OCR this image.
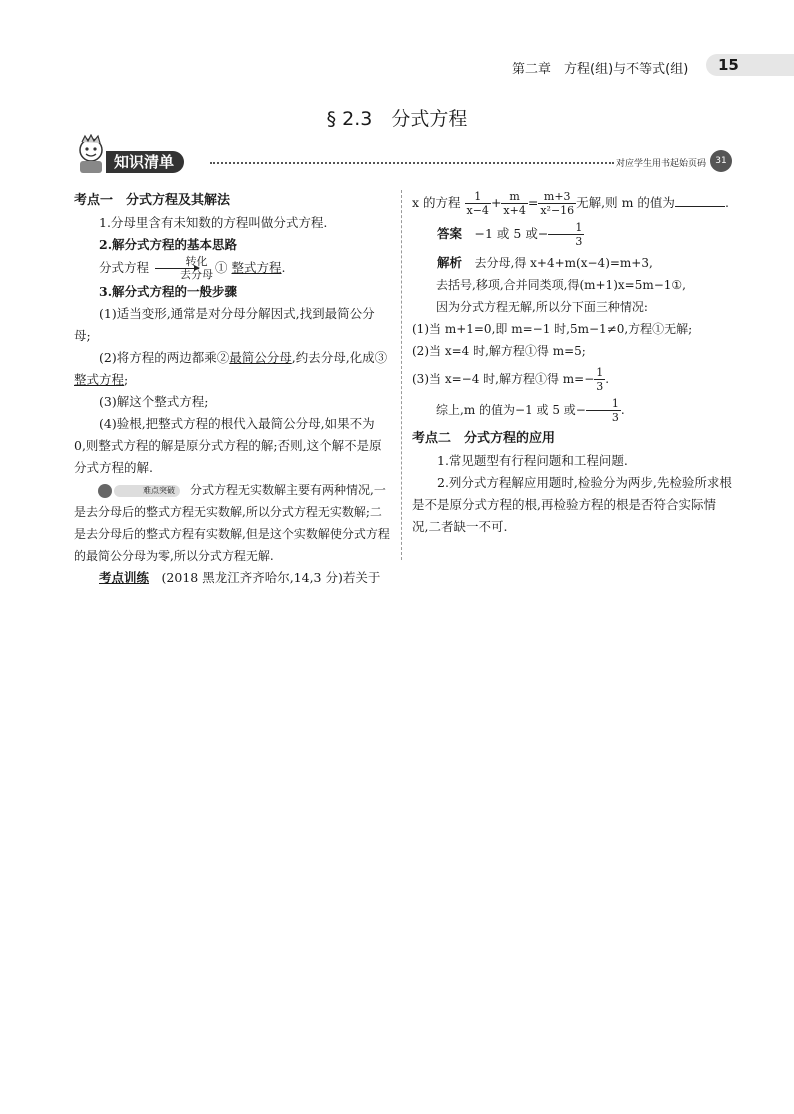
第二章　方程(组)与不等式(组)	15
§ 2.3　分式方程
知识清单	对应学生用书起始页码	31
考点一　分式方程及其解法
1.分母里含有未知数的方程叫做分式方程.
2.解分式方程的基本思路
分式方程	转化
去分母 ① 整式方程.
3.解分式方程的一般步骤
(1)适当变形,通常是对分母分解因式,找到最简公分母;
(2)将方程的两边都乘②最简公分母,约去分母,化成③整式方程;
(3)解这个整式方程;
(4)验根,把整式方程的根代入最简公分母,如果不为 0,则整式方程的解是原分式方程的解;否则,这个解不是原分式方程的解.
难点突破 分式方程无实数解主要有两种情况,一是去分母后的整式方程无实数解,所以分式方程无实数解;二是去分母后的整式方程有实数解,但是这个实数解使分式方程的最简公分母为零,所以分式方程无解.
考点训练　 (2018 黑龙江齐齐哈尔,14,3 分)若关于
x 的方程 $\frac{1}{x-4} + \frac{m}{x+4} = \frac{m+3}{\text{x²−16}}$ 无解,则 m 的值为	.
答案　 −1 或 5 或− $\frac{1}{3}$
解析　 去分母,得 x+4+m(x−4)=m+3,
去括号,移项,合并同类项,得(m+1)x=5m−1①,
因为分式方程无解,所以分下面三种情况:
(1)当 m+1=0,即 m=−1 时,5m−1≠0,方程①无解;
(2)当 x=4 时,解方程①得 m=5;
(3)当 x=−4 时,解方程①得 $m=- \frac{1}{3}$ .
综上,m 的值为−1 或 5 或− $\frac{1}{3}$ .
考点二　分式方程的应用
1.常见题型有行程问题和工程问题.
2.列分式方程解应用题时,检验分为两步,先检验所求根是不是原分式方程的根,再检验方程的根是否符合实际情况,二者缺一不可.
